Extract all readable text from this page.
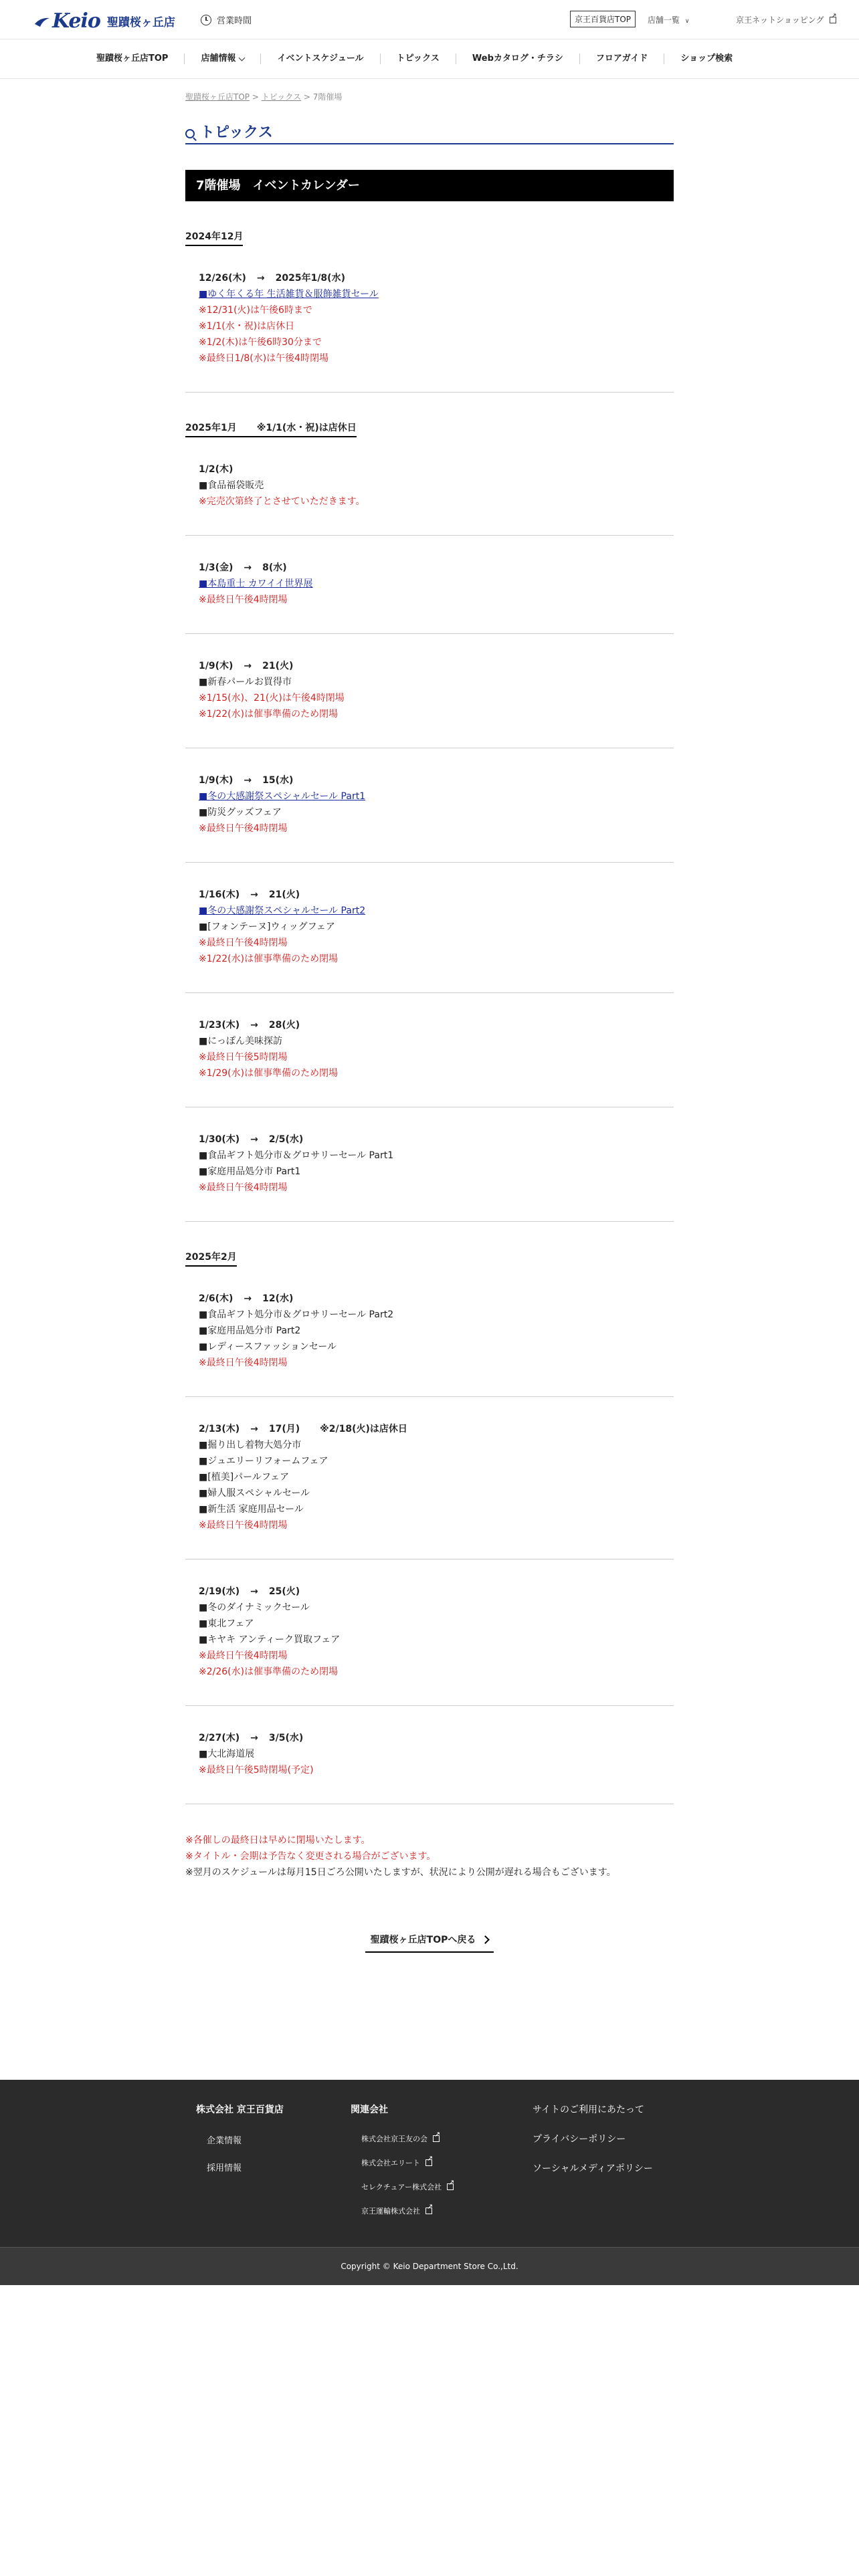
Keio 聖蹟桜ヶ丘店	営業時間	京王百貨店TOP	店舗一覧 ∨	京王ネットショッピング
↗
聖蹟桜ヶ丘店TOP	店舗情報	イベントスケジュール	トピックス	Webカタログ・チラシ	フロアガイド	ショップ検索
聖蹟桜ヶ丘店TOP > トピックス > 7階催場
トピックス
7階催場　イベントカレンダー
2024年12月
12/26(木) → 2025年1/8(水)
■ゆく年くる年 生活雑貨＆服飾雑貨セール
※12/31(火)は午後6時まで
※1/1(水・祝)は店休日
※1/2(木)は午後6時30分まで
※最終日1/8(水)は午後4時閉場
2025年1月 ※1/1(水・祝)は店休日
1/2(木)
■食品福袋販売
※完売次第終了とさせていただきます。
1/3(金) → 8(水)
■本島重士 カワイイ世界展
※最終日午後4時閉場
1/9(木) → 21(火)
■新春パールお買得市
※1/15(水)、21(火)は午後4時閉場
※1/22(水)は催事準備のため閉場
1/9(木) → 15(水)
■冬の大感謝祭スペシャルセール Part1
■防災グッズフェア
※最終日午後4時閉場
1/16(木) → 21(火)
■冬の大感謝祭スペシャルセール Part2
■[フォンテーヌ]ウィッグフェア
※最終日午後4時閉場
※1/22(水)は催事準備のため閉場
1/23(木) → 28(火)
■にっぽん美味探訪
※最終日午後5時閉場
※1/29(水)は催事準備のため閉場
1/30(木) → 2/5(水)
■食品ギフト処分市＆グロサリーセール Part1
■家庭用品処分市 Part1
※最終日午後4時閉場
2025年2月
2/6(木) → 12(水)
■食品ギフト処分市＆グロサリーセール Part2
■家庭用品処分市 Part2
■レディースファッションセール
※最終日午後4時閉場
2/13(木) → 17(月) ※2/18(火)は店休日
■掘り出し着物大処分市
■ジュエリーリフォームフェア
■[植美]パールフェア
■婦人服スペシャルセール
■新生活 家庭用品セール
※最終日午後4時閉場
2/19(水) → 25(火)
■冬のダイナミックセール
■東北フェア
■キヤキ アンティーク買取フェア
※最終日午後4時閉場
※2/26(水)は催事準備のため閉場
2/27(木) → 3/5(水)
■大北海道展
※最終日午後5時閉場(予定)
※各催しの最終日は早めに閉場いたします。
※タイトル・会期は予告なく変更される場合がございます。
※翌月のスケジュールは毎月15日ごろ公開いたしますが、状況により公開が遅れる場合もございます。
聖蹟桜ヶ丘店TOPへ戻る
株式会社 京王百貨店
企業情報
採用情報
関連会社
株式会社京王友の会
↗
株式会社エリート
↗
セレクチュアー株式会社
↗
京王運輸株式会社
↗
サイトのご利用にあたって
プライバシーポリシー
ソーシャルメディアポリシー
Copyright © Keio Department Store Co.,Ltd.
